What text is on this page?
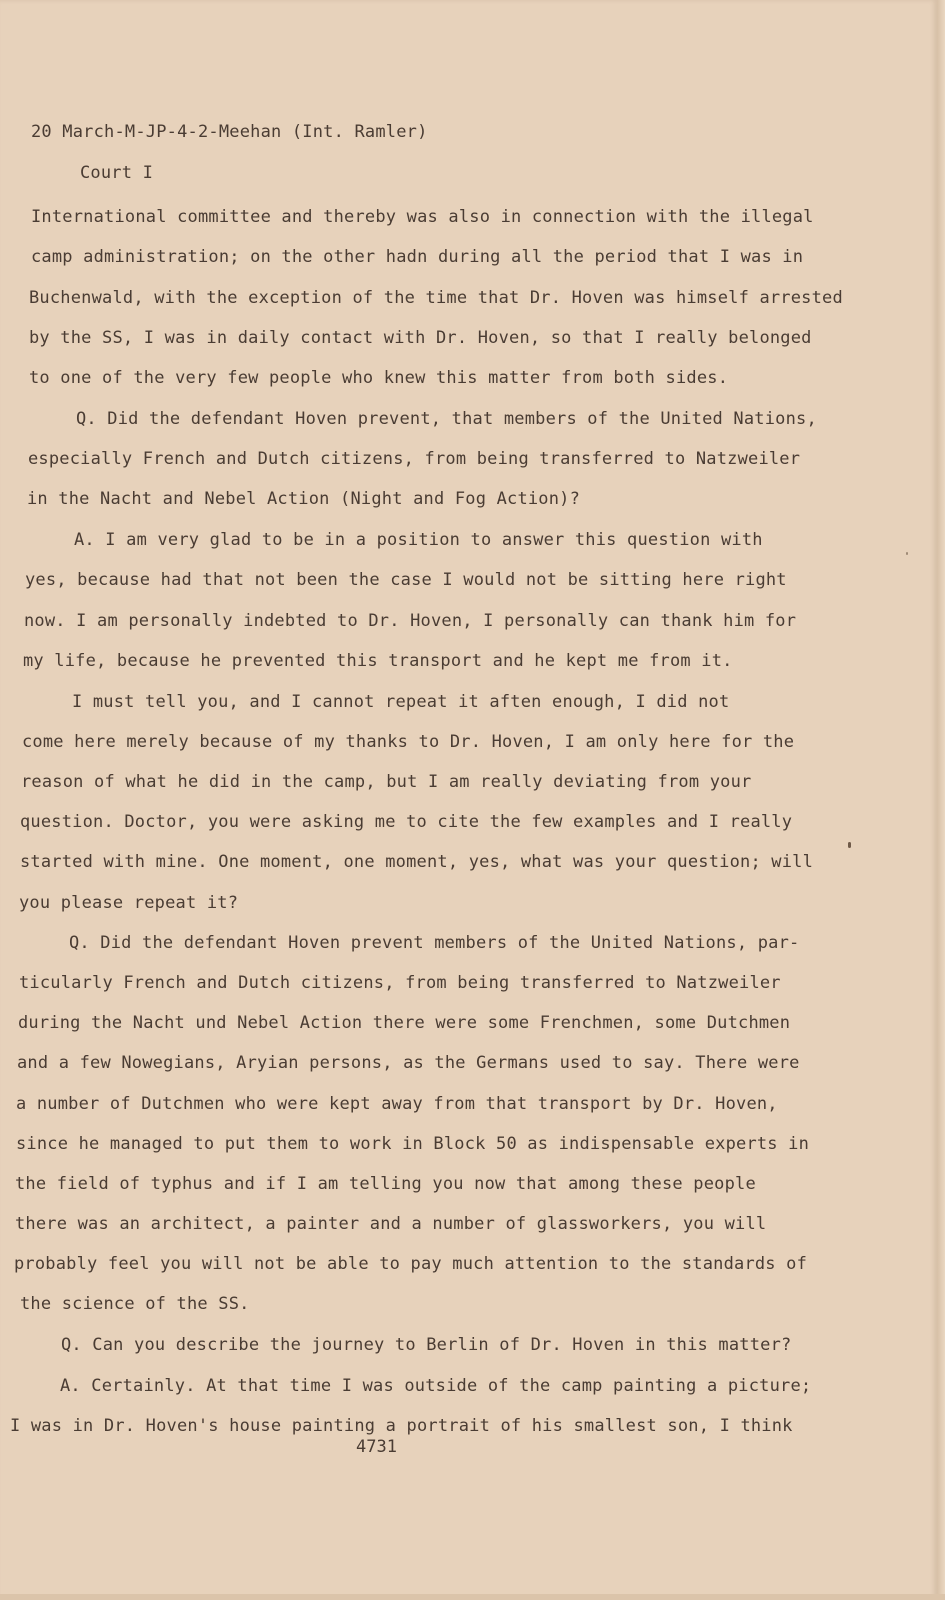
20 March-M-JP-4-2-Meehan (Int. Ramler)
Court I
International committee and thereby was also in connection with the illegal
camp administration; on the other hadn during all the period that I was in
Buchenwald, with the exception of the time that Dr. Hoven was himself arrested
by the SS, I was in daily contact with Dr. Hoven, so that I really belonged
to one of the very few people who knew this matter from both sides.
Q. Did the defendant Hoven prevent, that members of the United Nations,
especially French and Dutch citizens, from being transferred to Natzweiler
in the Nacht and Nebel Action (Night and Fog Action)?
A. I am very glad to be in a position to answer this question with
yes, because had that not been the case I would not be sitting here right
now. I am personally indebted to Dr. Hoven, I personally can thank him for
my life, because he prevented this transport and he kept me from it.
I must tell you, and I cannot repeat it aften enough, I did not
come here merely because of my thanks to Dr. Hoven, I am only here for the
reason of what he did in the camp, but I am really deviating from your
question. Doctor, you were asking me to cite the few examples and I really
started with mine. One moment, one moment, yes, what was your question; will
you please repeat it?
Q. Did the defendant Hoven prevent members of the United Nations, par-
ticularly French and Dutch citizens, from being transferred to Natzweiler
during the Nacht und Nebel Action there were some Frenchmen, some Dutchmen
and a few Nowegians, Aryian persons, as the Germans used to say. There were
a number of Dutchmen who were kept away from that transport by Dr. Hoven,
since he managed to put them to work in Block 50 as indispensable experts in
the field of typhus and if I am telling you now that among these people
there was an architect, a painter and a number of glassworkers, you will
probably feel you will not be able to pay much attention to the standards of
the science of the SS.
Q. Can you describe the journey to Berlin of Dr. Hoven in this matter?
A. Certainly. At that time I was outside of the camp painting a picture;
I was in Dr. Hoven's house painting a portrait of his smallest son, I think
4731
